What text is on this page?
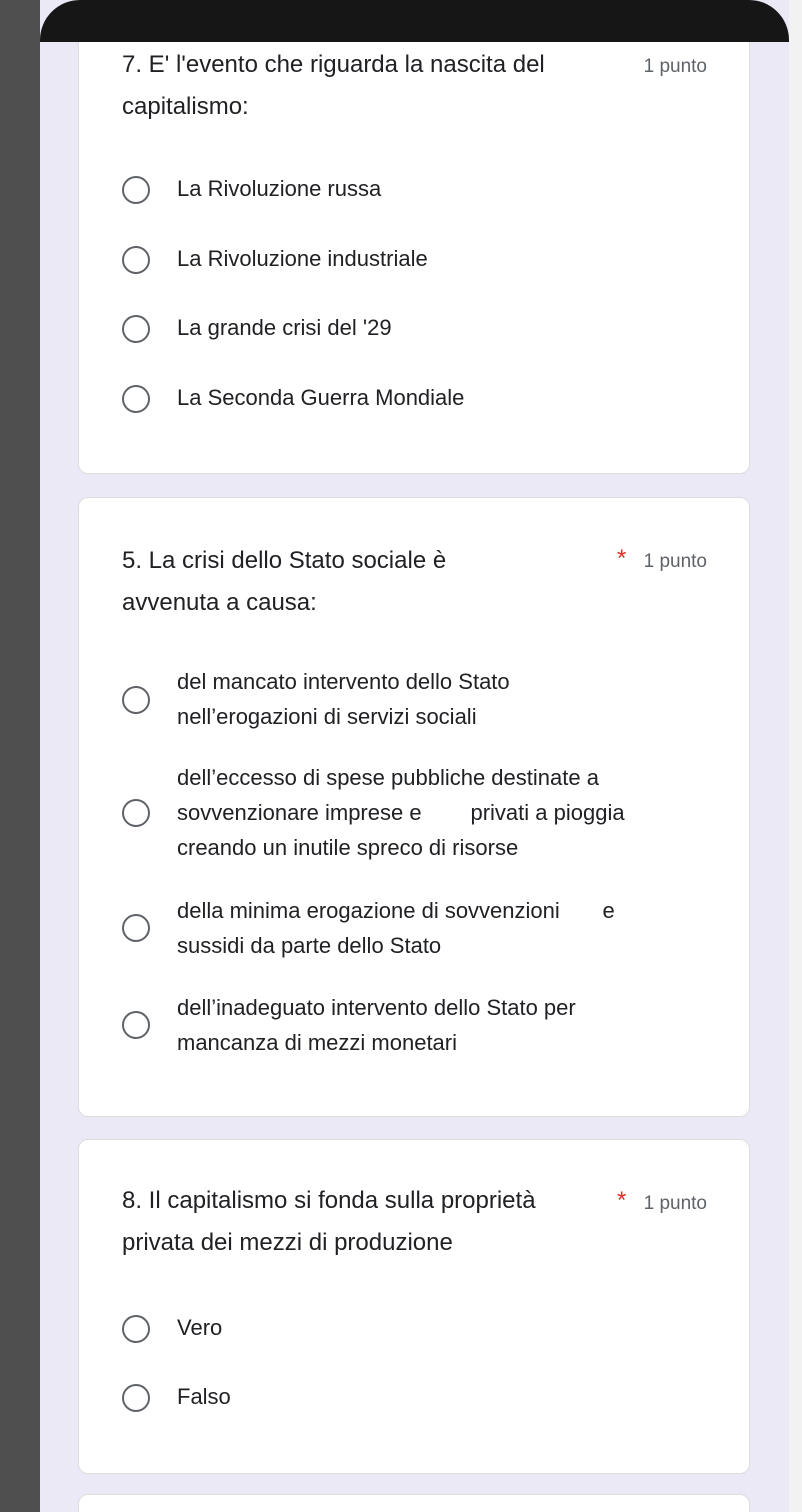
7. E' l'evento che riguarda la nascita del
capitalismo:
1 punto
La Rivoluzione russa
La Rivoluzione industriale
La grande crisi del '29
La Seconda Guerra Mondiale
5. La crisi dello Stato sociale è
avvenuta a causa:
* 1 punto
del mancato intervento dello Stato
nell’erogazioni di servizi sociali
dell’eccesso di spese pubbliche destinate a
sovvenzionare imprese e        privati a pioggia
creando un inutile spreco di risorse
della minima erogazione di sovvenzioni       e
sussidi da parte dello Stato
dell’inadeguato intervento dello Stato per
mancanza di mezzi monetari
8. Il capitalismo si fonda sulla proprietà
privata dei mezzi di produzione
* 1 punto
Vero
Falso
